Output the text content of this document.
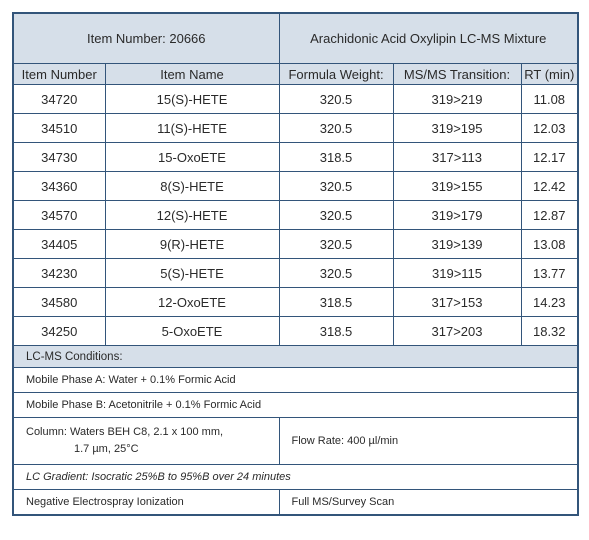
Item Number: 20666		Arachidonic Acid Oxylipin LC-MS Mixture		
Item Number	Item Name	Formula Weight:	MS/MS Transition:	RT (min)
34720	15(S)-HETE	320.5	319>219	11.08
34510	11(S)-HETE	320.5	319>195	12.03
34730	15-OxoETE	318.5	317>113	12.17
34360	8(S)-HETE	320.5	319>155	12.42
34570	12(S)-HETE	320.5	319>179	12.87
34405	9(R)-HETE	320.5	319>139	13.08
34230	5(S)-HETE	320.5	319>115	13.77
34580	12-OxoETE	318.5	317>153	14.23
34250	5-OxoETE	318.5	317>203	18.32
LC-MS Conditions:				
Mobile Phase A: Water + 0.1% Formic Acid				
Mobile Phase B: Acetonitrile + 0.1% Formic Acid				
Column: Waters BEH C8, 2.1 x 100 mm,
1.7 µm, 25°C		Flow Rate: 400 µl/min		
LC Gradient: Isocratic 25%B to 95%B over 24 minutes				
Negative Electrospray Ionization		Full MS/Survey Scan		
